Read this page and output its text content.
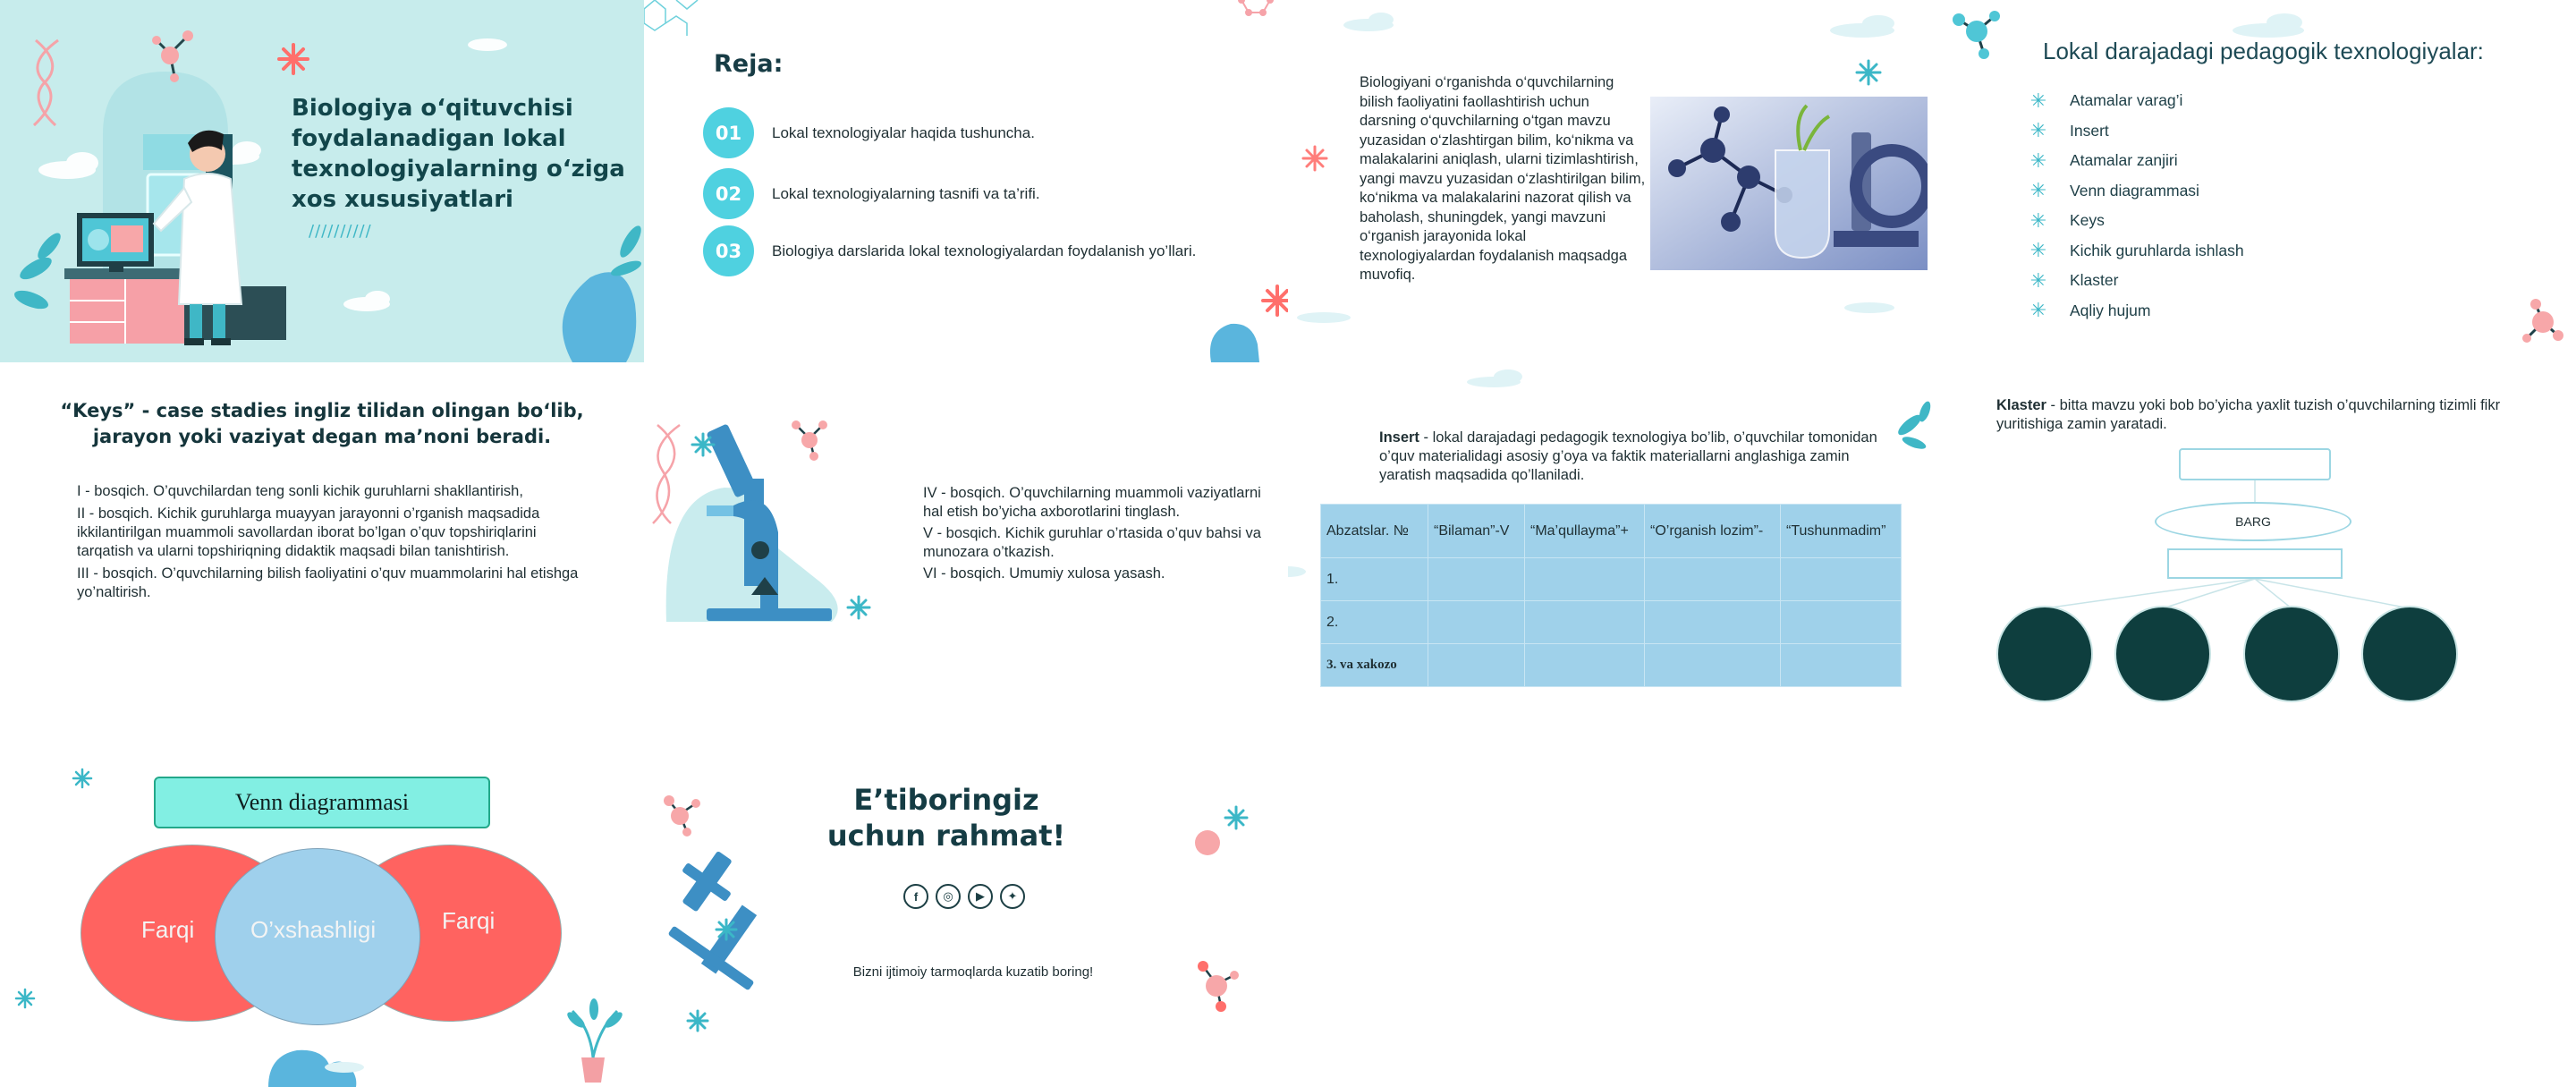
Biologiya o‘qituvchisi foydalanadigan lokal texnologiyalarning o‘ziga xos xususiyatlari
//////////
Reja:
01	Lokal texnologiyalar haqida tushuncha.
02	Lokal texnologiyalarning tasnifi va ta’rifi.
03	Biologiya darslarida lokal texnologiyalardan foydalanish yo’llari.
Biologiyani o‘rganishda o‘quvchilarning bilish faoliyatini faollashtirish uchun darsning o‘quvchilarning o‘tgan mavzu yuzasidan o‘zlashtirgan bilim, ko‘nikma va malakalarini aniqlash, ularni tizimlashtirish, yangi mavzu yuzasidan o‘zlashtirilgan bilim, ko‘nikma va malakalarini nazorat qilish va baholash, shuningdek, yangi mavzuni o‘rganish jarayonida lokal texnologiyalardan foydalanish maqsadga muvofiq.
Lokal darajadagi pedagogik texnologiyalar:
✳ Atamalar varag’i
✳ Insert
✳ Atamalar zanjiri
✳ Venn diagrammasi
✳ Keys
✳ Kichik guruhlarda ishlash
✳ Klaster
✳ Aqliy hujum
“Keys” - case stadies ingliz tilidan olingan bo‘lib, jarayon yoki vaziyat degan ma’noni beradi.

I - bosqich. O’quvchilardan teng sonli kichik guruhlarni shakllantirish,

II - bosqich. Kichik guruhlarga muayyan jarayonni o’rganish maqsadida ikkilantirilgan muammoli savollardan iborat bo’lgan o’quv topshiriqlarini tarqatish va ularni topshiriqning didaktik maqsadi bilan tanishtirish.

III - bosqich. O’quvchilarning bilish faoliyatini o’quv muammolarini hal etishga yo’naltirish.

IV - bosqich. O’quvchilarning muammoli vaziyatlarni hal etish bo’yicha axborotlarini tinglash.

V - bosqich. Kichik guruhlar o’rtasida o’quv bahsi va munozara o’tkazish.

VI - bosqich. Umumiy xulosa yasash.

Insert - lokal darajadagi pedagogik texnologiya bo’lib, o’quvchilar tomonidan o’quv materialidagi asosiy g’oya va faktik materiallarni anglashiga zamin yaratish maqsadida qo’llaniladi.
Abzatslar. №	“Bilaman”-V	“Ma’qullayma”+	“O’rganish lozim”-	“Tushunmadim”
1.				
2.				
3. va xakozo				
Klaster - bitta mavzu yoki bob bo’yicha yaxlit tuzish o’quvchilarning tizimli fikr yuritishiga zamin yaratadi.
BARG
Venn diagrammasi
Farqi O’xshashligi	Farqi
E’tiboringiz uchun rahmat!
f	◎	▶	✦
Bizni ijtimoiy tarmoqlarda kuzatib boring!
